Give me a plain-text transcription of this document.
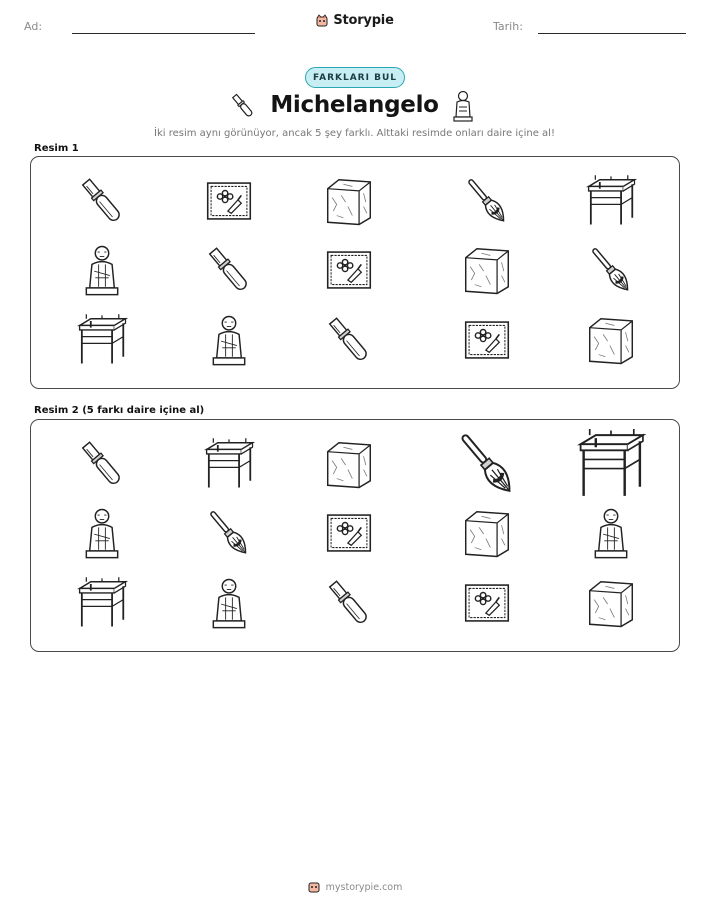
Ad:	Tarih:
Storypie
FARKLARI BUL
Michelangelo
İki resim aynı görünüyor, ancak 5 şey farklı. Alttaki resimde onları daire içine al!
Resim 1
Resim 2 (5 farkı daire içine al)
mystorypie.com
